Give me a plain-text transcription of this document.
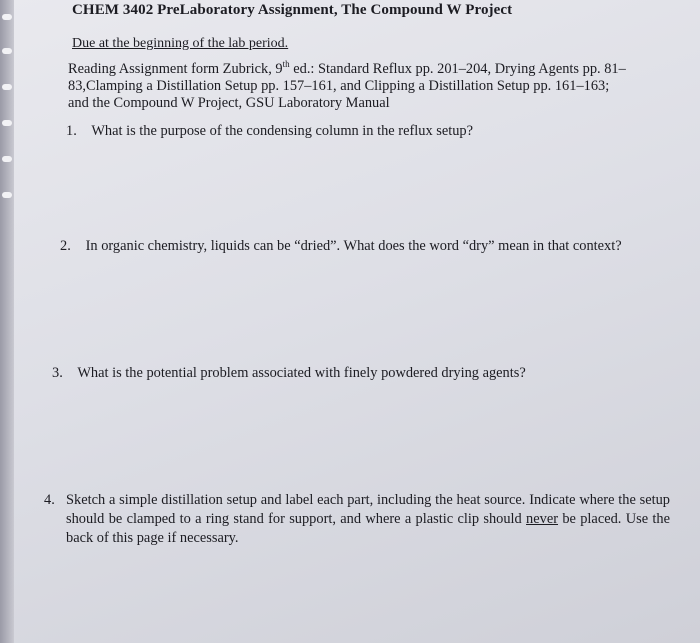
CHEM 3402 PreLaboratory Assignment, The Compound W Project
Due at the beginning of the lab period.
Reading Assignment form Zubrick, 9th ed.: Standard Reflux pp. 201–204, Drying Agents pp. 81–
83,Clamping a Distillation Setup pp. 157–161, and Clipping a Distillation Setup pp. 161–163;
and the Compound W Project, GSU Laboratory Manual
1. What is the purpose of the condensing column in the reflux setup?
2. In organic chemistry, liquids can be “dried”. What does the word “dry” mean in that context?
3. What is the potential problem associated with finely powdered drying agents?
4. Sketch a simple distillation setup and label each part, including the heat source. Indicate where the setup should be clamped to a ring stand for support, and where a plastic clip should never be placed. Use the back of this page if necessary.
